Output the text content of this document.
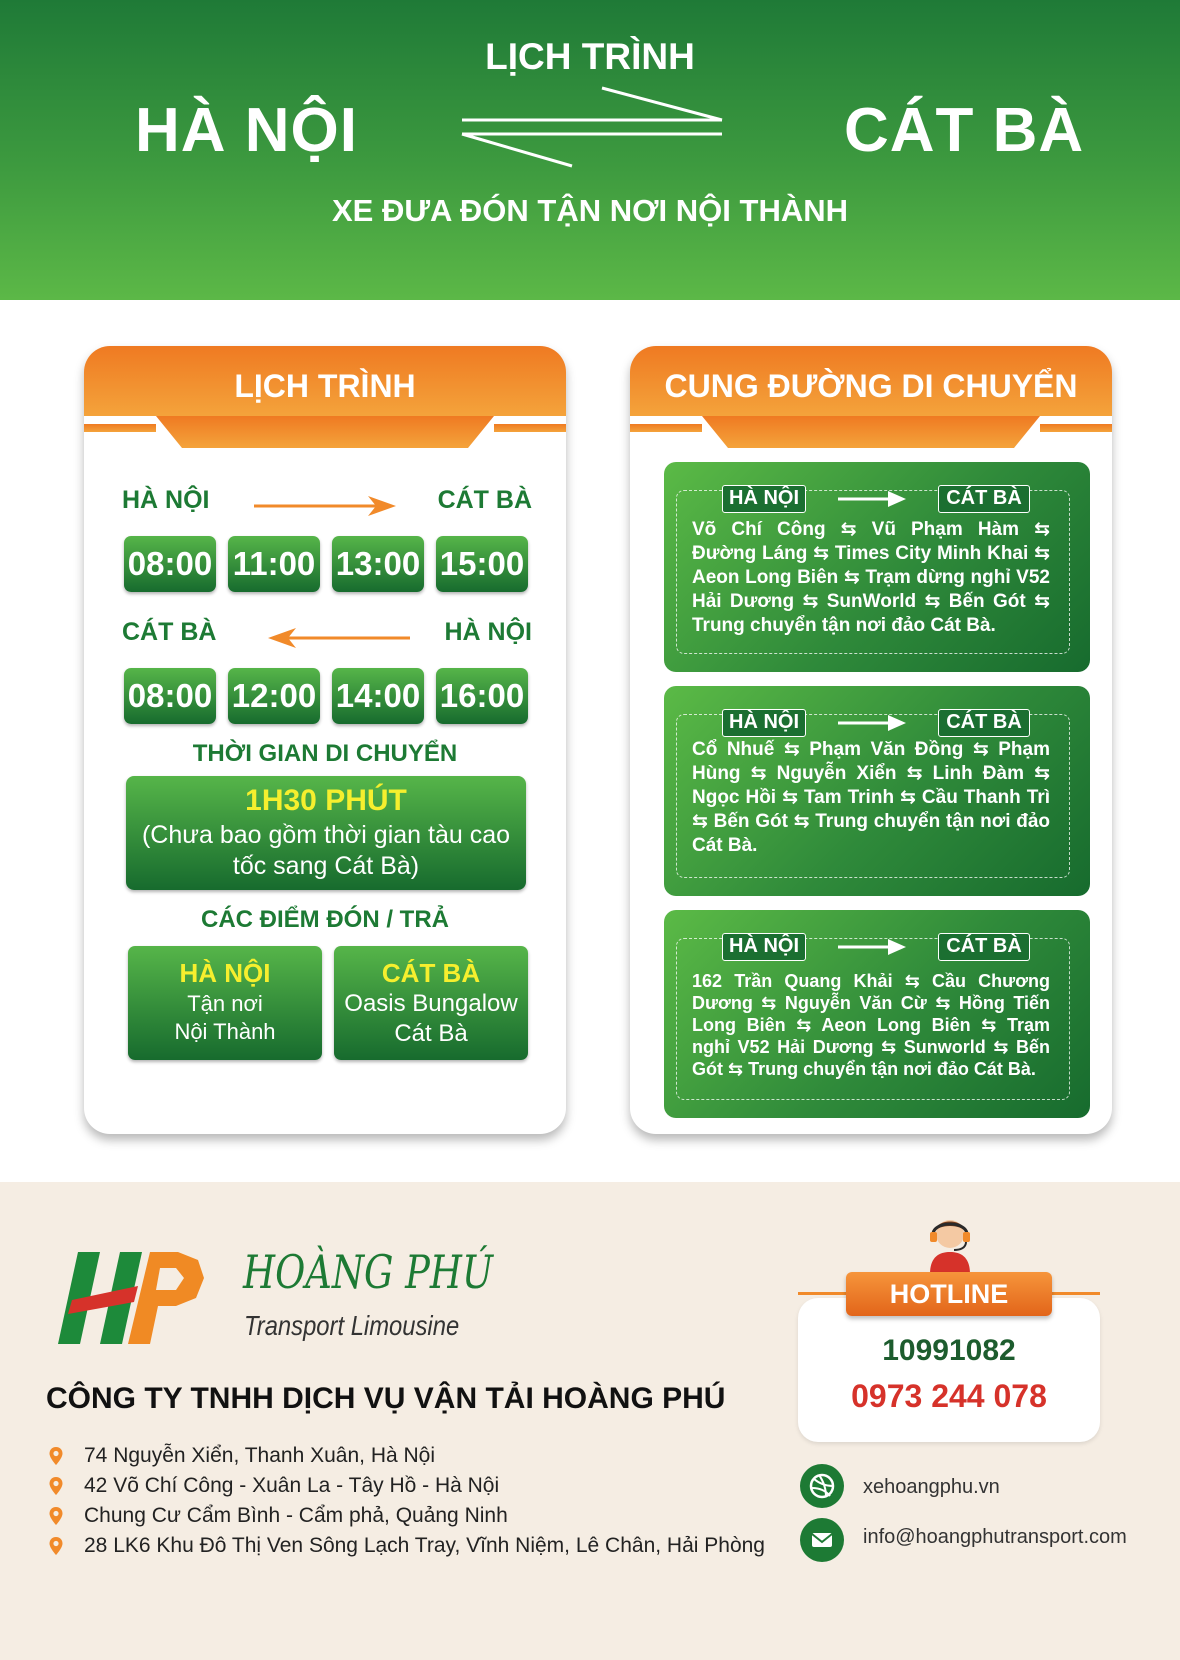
LỊCH TRÌNH
HÀ NỘI	CÁT BÀ
XE ĐƯA ĐÓN TẬN NƠI NỘI THÀNH
LỊCH TRÌNH
HÀ NỘI	CÁT BÀ
08:00 11:00 13:00 15:00
CÁT BÀ	HÀ NỘI
08:00 12:00 14:00 16:00
THỜI GIAN DI CHUYỂN
1H30 PHÚT
(Chưa bao gồm thời gian tàu cao
tốc sang Cát Bà)
CÁC ĐIỂM ĐÓN / TRẢ
HÀ NỘI
Tận nơi
Nội Thành
CÁT BÀ
Oasis Bungalow
Cát Bà
CUNG ĐƯỜNG DI CHUYỂN
HÀ NỘI	CÁT BÀ
Võ Chí Công ⇆ Vũ Phạm Hàm ⇆
Đường Láng ⇆ Times City Minh Khai ⇆
Aeon Long Biên ⇆ Trạm dừng nghỉ V52
Hải Dương ⇆ SunWorld ⇆ Bến Gót ⇆
Trung chuyển tận nơi đảo Cát Bà.
HÀ NỘI	CÁT BÀ
Cổ Nhuế ⇆ Phạm Văn Đồng ⇆ Phạm
Hùng ⇆ Nguyễn Xiển ⇆ Linh Đàm ⇆
Ngọc Hồi ⇆ Tam Trinh ⇆ Cầu Thanh Trì
⇆ Bến Gót ⇆ Trung chuyển tận nơi đảo
Cát Bà.
HÀ NỘI	CÁT BÀ
162 Trần Quang Khải ⇆ Cầu Chương
Dương ⇆ Nguyễn Văn Cừ ⇆ Hồng Tiến
Long Biên ⇆ Aeon Long Biên ⇆ Trạm
nghỉ V52 Hải Dương ⇆ Sunworld ⇆ Bến
Gót ⇆ Trung chuyển tận nơi đảo Cát Bà.
HOÀNG PHÚ
Transport Limousine
CÔNG TY TNHH DỊCH VỤ VẬN TẢI HOÀNG PHÚ
74 Nguyễn Xiển, Thanh Xuân, Hà Nội
42 Võ Chí Công - Xuân La - Tây Hồ - Hà Nội
Chung Cư Cẩm Bình - Cẩm phả, Quảng Ninh
28 LK6 Khu Đô Thị Ven Sông Lạch Tray, Vĩnh Niệm, Lê Chân, Hải Phòng
HOTLINE
10991082
0973 244 078
xehoangphu.vn
info@hoangphutransport.com
